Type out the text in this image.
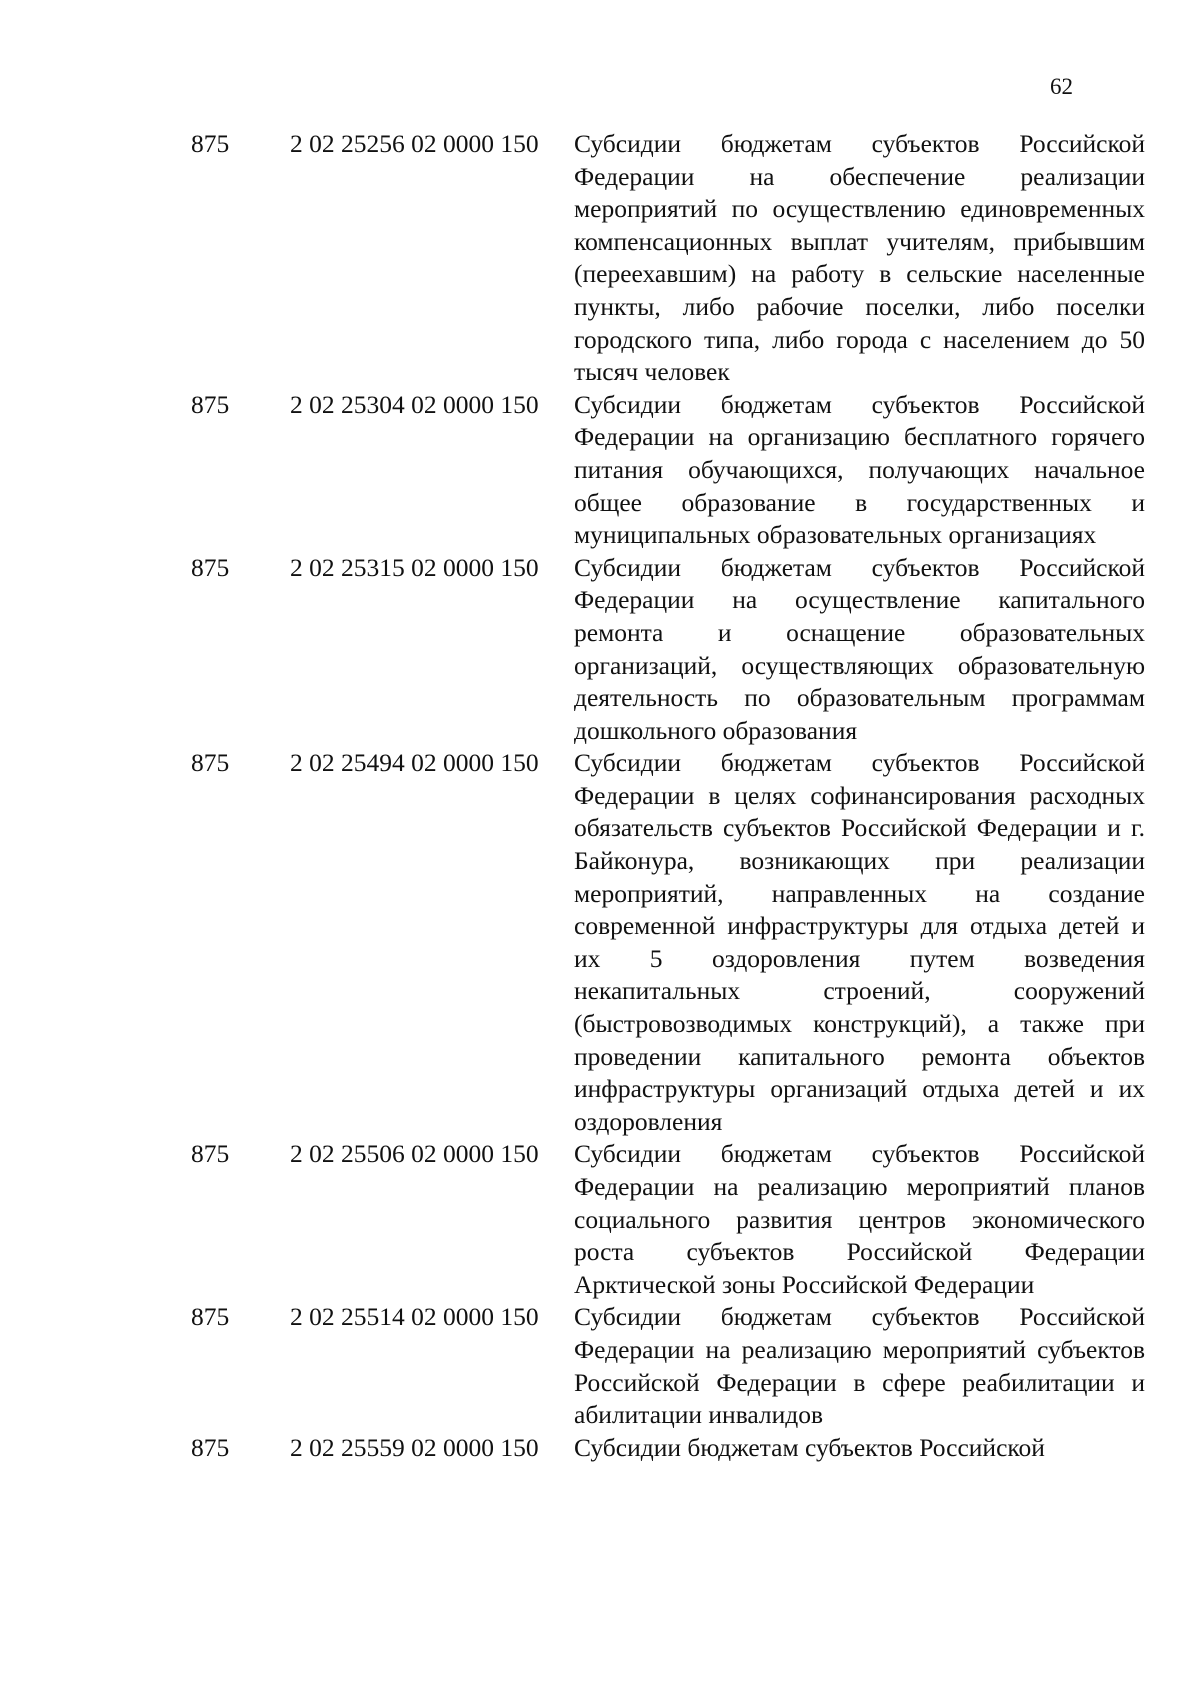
62
875	2 02 25256 02 0000 150	Субсидии бюджетам субъектов Российской Федерации на обеспечение реализации мероприятий по осуществлению единовременных компенсационных выплат учителям, прибывшим (переехавшим) на работу в сельские населенные пункты, либо рабочие поселки, либо поселки городского типа, либо города с населением до 50 тысяч человек
875	2 02 25304 02 0000 150	Субсидии бюджетам субъектов Российской Федерации на организацию бесплатного горячего питания обучающихся, получающих начальное общее образование в государственных и муниципальных образовательных организациях
875	2 02 25315 02 0000 150	Субсидии бюджетам субъектов Российской Федерации на осуществление капитального ремонта и оснащение образовательных организаций, осуществляющих образовательную деятельность по образовательным программам дошкольного образования
875	2 02 25494 02 0000 150	Субсидии бюджетам субъектов Российской Федерации в целях софинансирования расходных обязательств субъектов Российской Федерации и г. Байконура, возникающих при реализации мероприятий, направленных на создание современной инфраструктуры для отдыха детей и их 5 оздоровления путем возведения некапитальных строений, сооружений (быстровозводимых конструкций), а также при проведении капитального ремонта объектов инфраструктуры организаций отдыха детей и их оздоровления
875	2 02 25506 02 0000 150	Субсидии бюджетам субъектов Российской Федерации на реализацию мероприятий планов социального развития центров экономического роста субъектов Российской Федерации Арктической зоны Российской Федерации
875	2 02 25514 02 0000 150	Субсидии бюджетам субъектов Российской Федерации на реализацию мероприятий субъектов Российской Федерации в сфере реабилитации и абилитации инвалидов
875	2 02 25559 02 0000 150	Субсидии бюджетам субъектов Российской
